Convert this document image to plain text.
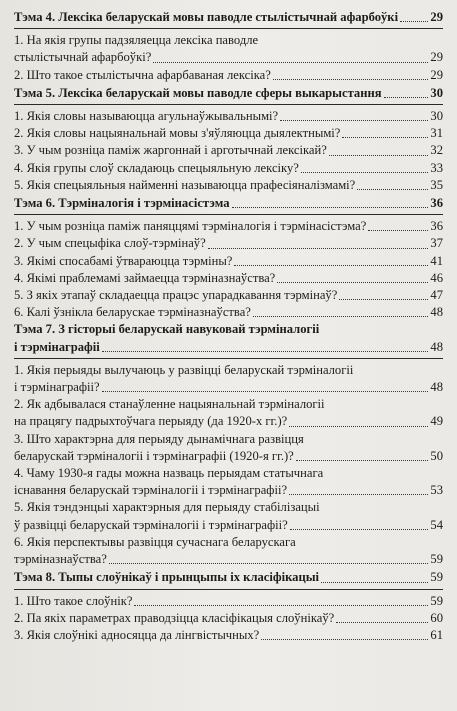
Тэма 4. Лексіка беларускай мовы паводле стылістычнай афарбоўкі	29
1. На якія групы падзяляецца лексіка паводле
стылістычнай афарбоўкі?	29
2. Што такое стылістычна афарбаваная лексіка?	29
Тэма 5. Лексіка беларускай мовы паводле сферы выкарыстання	30
1. Якія словы называюцца агульнаўжывальнымі?	30
2. Якія словы нацыянальнай мовы з'яўляюцца дыялектнымі?	31
3. У чым розніца паміж жаргоннай і арготычнай лексікай?	32
4. Якія групы слоў складаюць спецыяльную лексіку?	33
5. Якія спецыяльныя найменні называюцца прафесіяналізмамі?	35
Тэма 6. Тэрміналогія і тэрмінасістэма	36
1. У чым розніца паміж паняццямі тэрміналогія і тэрмінасістэма?	36
2. У чым спецыфіка слоў-тэрмінаў?	37
3. Якімі спосабамі ўтвараюцца тэрміны?	41
4. Якімі праблемамі займаецца тэрміназнаўства?	46
5. З якіх этапаў складаецца працэс упарадкавання тэрмінаў?	47
6. Калі ўзнікла беларускае тэрміназнаўства?	48
Тэма 7. З гісторыі беларускай навуковай тэрміналогіі
і тэрмінаграфіі	48
1. Якія перыяды вылучаюць у развіцці беларускай тэрміналогіі
і тэрмінаграфіі?	48
2. Як адбывалася станаўленне нацыянальнай тэрміналогіі
на працягу падрыхтоўчага перыяду (да 1920-х гг.)?	49
3. Што характэрна для перыяду дынамічнага развіцця
беларускай тэрміналогіі і тэрмінаграфіі (1920-я гг.)?	50
4. Чаму 1930-я гады можна назваць перыядам статычнага
існавання беларускай тэрміналогіі і тэрмінаграфіі?	53
5. Якія тэндэнцыі характэрныя для перыяду стабілізацыі
ў развіцці беларускай тэрміналогіі і тэрмінаграфіі?	54
6. Якія перспектывы развіцця сучаснага беларускага
тэрміназнаўства?	59
Тэма 8. Тыпы слоўнікаў і прынцыпы іх класіфікацыі	59
1. Што такое слоўнік?	59
2. Па якіх параметрах праводзіцца класіфікацыя слоўнікаў?	60
3. Якія слоўнікі адносяцца да лінгвістычных?	61
